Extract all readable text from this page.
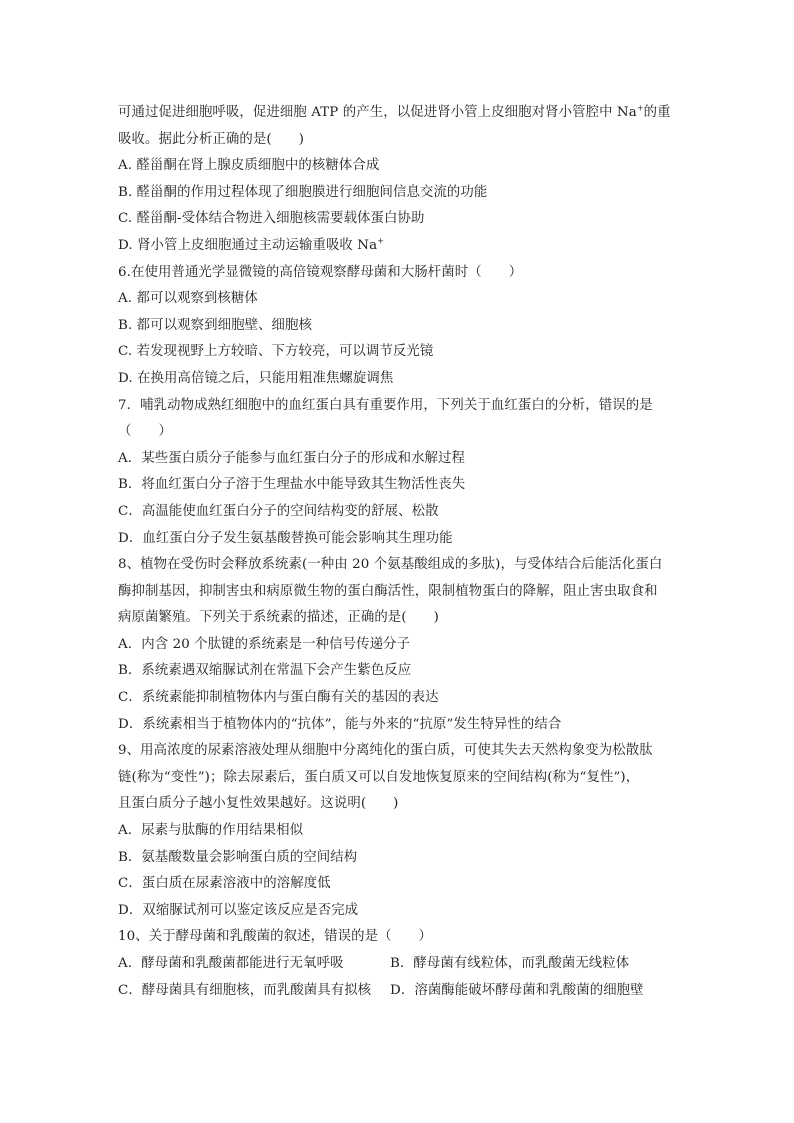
可通过促进细胞呼吸，促进细胞 ATP 的产生，以促进肾小管上皮细胞对肾小管腔中 Na+的重

吸收。据此分析正确的是(　　)

A. 醛甾酮在肾上腺皮质细胞中的核糖体合成

B. 醛甾酮的作用过程体现了细胞膜进行细胞间信息交流的功能

C. 醛甾酮-受体结合物进入细胞核需要载体蛋白协助

D. 肾小管上皮细胞通过主动运输重吸收 Na+

6.在使用普通光学显微镜的高倍镜观察酵母菌和大肠杆菌时（　　）

A. 都可以观察到核糖体

B. 都可以观察到细胞壁、细胞核

C. 若发现视野上方较暗、下方较亮，可以调节反光镜

D. 在换用高倍镜之后，只能用粗准焦螺旋调焦

7．哺乳动物成熟红细胞中的血红蛋白具有重要作用，下列关于血红蛋白的分析，错误的是

（　　）

A．某些蛋白质分子能参与血红蛋白分子的形成和水解过程

B．将血红蛋白分子溶于生理盐水中能导致其生物活性丧失

C．高温能使血红蛋白分子的空间结构变的舒展、松散

D．血红蛋白分子发生氨基酸替换可能会影响其生理功能

8、植物在受伤时会释放系统素(一种由 20 个氨基酸组成的多肽)，与受体结合后能活化蛋白

酶抑制基因，抑制害虫和病原微生物的蛋白酶活性，限制植物蛋白的降解，阻止害虫取食和

病原菌繁殖。下列关于系统素的描述，正确的是(　　)

A．内含 20 个肽键的系统素是一种信号传递分子

B．系统素遇双缩脲试剂在常温下会产生紫色反应

C．系统素能抑制植物体内与蛋白酶有关的基因的表达

D．系统素相当于植物体内的“抗体”，能与外来的“抗原”发生特异性的结合

9、用高浓度的尿素溶液处理从细胞中分离纯化的蛋白质，可使其失去天然构象变为松散肽

链(称为“变性”)；除去尿素后，蛋白质又可以自发地恢复原来的空间结构(称为“复性”)，

且蛋白质分子越小复性效果越好。这说明(　　)

A．尿素与肽酶的作用结果相似

B．氨基酸数量会影响蛋白质的空间结构

C．蛋白质在尿素溶液中的溶解度低

D．双缩脲试剂可以鉴定该反应是否完成

10、关于酵母菌和乳酸菌的叙述，错误的是（　　）

A．酵母菌和乳酸菌都能进行无氧呼吸	B．酵母菌有线粒体，而乳酸菌无线粒体
C．酵母菌具有细胞核，而乳酸菌具有拟核	D．溶菌酶能破坏酵母菌和乳酸菌的细胞壁
